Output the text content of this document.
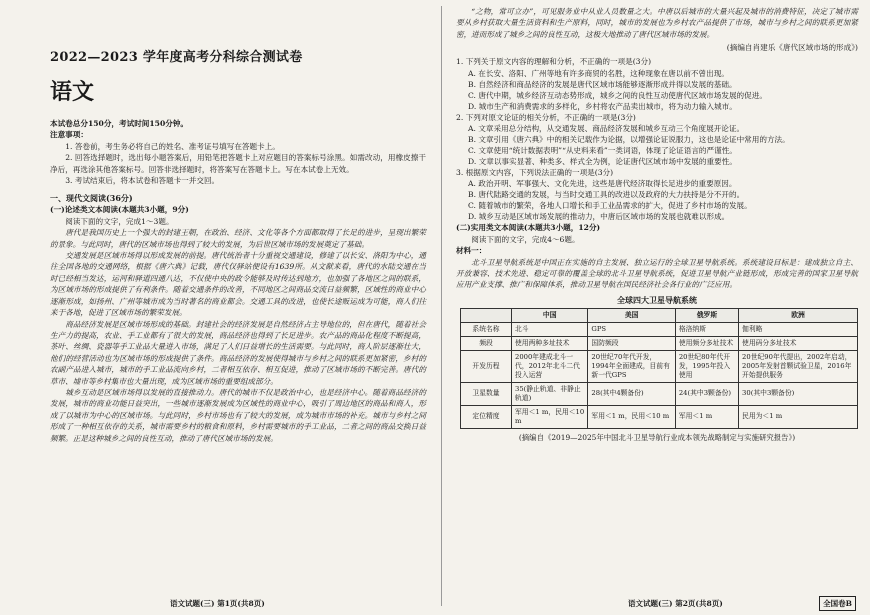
2022—2023 学年度高考分科综合测试卷
语文

本试卷总分150分，考试时间150分钟。

注意事项：

1. 答卷前，考生务必将自己的姓名、准考证号填写在答题卡上。

2. 回答选择题时，选出每小题答案后，用铅笔把答题卡上对应题目的答案标号涂黑。如需改动，用橡皮擦干净后，再选涂其他答案标号。回答非选择题时，将答案写在答题卡上。写在本试卷上无效。

3. 考试结束后，将本试卷和答题卡一并交回。

一、现代文阅读(36分)

(一)论述类文本阅读(本题共3小题，9分)

阅读下面的文字，完成1～3题。

唐代是我国历史上一个强大的封建王朝，在政治、经济、文化等各个方面都取得了长足的进步，呈现出繁荣的景象。与此同时，唐代的区域市场也得到了较大的发展，为后世区域市场的发展奠定了基础。

交通发展是区域市场得以形成发展的前提。唐代统治者十分重视交通建设，修建了以长安、洛阳为中心，通往全国各地的交通网络，根据《唐六典》记载，唐代仅驿站便设有1639所。从文献来看，唐代的水陆交通在当时已经相当发达，运河和驿道四通八达，不仅使中央的政令能够及时传达到地方，也加强了各地区之间的联系，为区域市场的形成提供了有利条件。随着交通条件的改善，不同地区之间商品交流日益频繁，区域性的商业中心逐渐形成，如扬州、广州等城市成为当时著名的商业都会。交通工具的改进，也使长途贩运成为可能，商人们往来于各地，促进了区域市场的繁荣发展。

商品经济发展是区域市场形成的基础。封建社会的经济发展是自然经济占主导地位的，但在唐代，随着社会生产力的提高，农业、手工业都有了很大的发展，商品经济也得到了长足进步。农产品的商品化程度不断提高，茶叶、丝绸、瓷器等手工业品大量进入市场，满足了人们日益增长的生活需要。与此同时，商人阶层逐渐壮大，他们的经营活动也为区域市场的形成提供了条件。商品经济的发展使得城市与乡村之间的联系更加紧密，乡村的农副产品进入城市，城市的手工业品流向乡村，二者相互依存、相互促进，推动了区域市场的不断完善。唐代的草市、墟市等乡村集市也大量出现，成为区域市场的重要组成部分。

城乡互动是区域市场得以发展的直接推动力。唐代的城市不仅是政治中心，也是经济中心。随着商品经济的发展，城市的商业功能日益突出，一些城市逐渐发展成为区域性的商业中心，吸引了周边地区的商品和商人，形成了以城市为中心的区域市场。与此同时，乡村市场也有了较大的发展，成为城市市场的补充。城市与乡村之间形成了一种相互依存的关系，城市需要乡村的粮食和原料，乡村需要城市的手工业品，二者之间的商品交换日益频繁。正是这种城乡之间的良性互动，推动了唐代区域市场的发展。

语文试题(三) 第1页(共8页)

“之物，常可立办”，可见服务业中从业人员数量之大。中唐以后城市的大量兴起及城市的消费特征，决定了城市需要从乡村获取大量生活资料和生产原料，同时，城市的发展也为乡村农产品提供了市场，城市与乡村之间的联系更加紧密，进而形成了城乡之间的良性互动，这极大地推动了唐代区域市场的发展。

(摘编自肖建乐《唐代区域市场的形成》)

1. 下列关于原文内容的理解和分析，不正确的一项是(3分)

A. 在长安、洛阳、广州等地有许多商贸的名胜，这种现象在唐以前不曾出现。

B. 自然经济和商品经济的发展是唐代区域市场能够逐渐形成并得以发展的基础。

C. 唐代中期，城乡经济互动态势形成，城乡之间的良性互动使唐代区域市场发展的促进。

D. 城市生产和消费需求的多样化，乡村将农产品卖出城市，将为动力输入城市。

2. 下列对原文论证的相关分析，不正确的一项是(3分)

A. 文章采用总分结构，从交通发展、商品经济发展和城乡互动三个角度展开论证。

B. 文章引用《唐六典》中的相关记载作为论据，以增强论证说服力，这也是论证中常用的方法。

C. 文章使用“统计数据表明”“从史料来看”一类词语，体现了论证语言的严谨性。

D. 文章以事实显著、种类多、样式全为例，论证唐代区域市场中发展的重要性。

3. 根据原文内容，下列说法正确的一项是(3分)

A. 政治开明、军事强大、文化先进，这些是唐代经济取得长足进步的重要原因。

B. 唐代陆路交通的发展，与当时交通工具的改进以及政府的大力扶持是分不开的。

C. 随着城市的繁荣，各地人口增长和手工业品需求的扩大，促进了乡村市场的发展。

D. 城乡互动是区域市场发展的推动力，中唐后区域市场的发展也就难以形成。

(二)实用类文本阅读(本题共3小题，12分)

阅读下面的文字，完成4～6题。

材料一：

北斗卫星导航系统是中国正在实施的自主发展、独立运行的全球卫星导航系统。系统建设目标是：建成独立自主、开放兼容、技术先进、稳定可靠的覆盖全球的北斗卫星导航系统，促进卫星导航产业链形成，形成完善的国家卫星导航应用产业支撑、推广和保障体系，推动卫星导航在国民经济社会各行业的广泛应用。

全球四大卫星导航系统
	中国	美国	俄罗斯	欧洲
系统名称	北斗	GPS	格洛纳斯	伽利略
频段	使用两种多址技术	国防频段	使用频分多址技术	使用码分多址技术
开发历程	2000年建成北斗一代，2012年北斗二代投入运营	20世纪70年代开发，1994年全面建成，目前有新一代GPS	20世纪80年代开发，1995年投入使用	20世纪90年代提出，2002年启动，2005年发射首颗试验卫星，2016年开始提供服务
卫星数量	35(静止轨道、非静止轨道)	28(其中4颗备份)	24(其中3颗备份)	30(其中3颗备份)
定位精度	军用＜1 m，民用＜10 m	军用＜1 m，民用＜10 m	军用＜1 m	民用为＜1 m
(摘编自《2019—2025年中国北斗卫星导航行业成本领先战略制定与实施研究报告》)
语文试题(三) 第2页(共8页)	全国卷B
